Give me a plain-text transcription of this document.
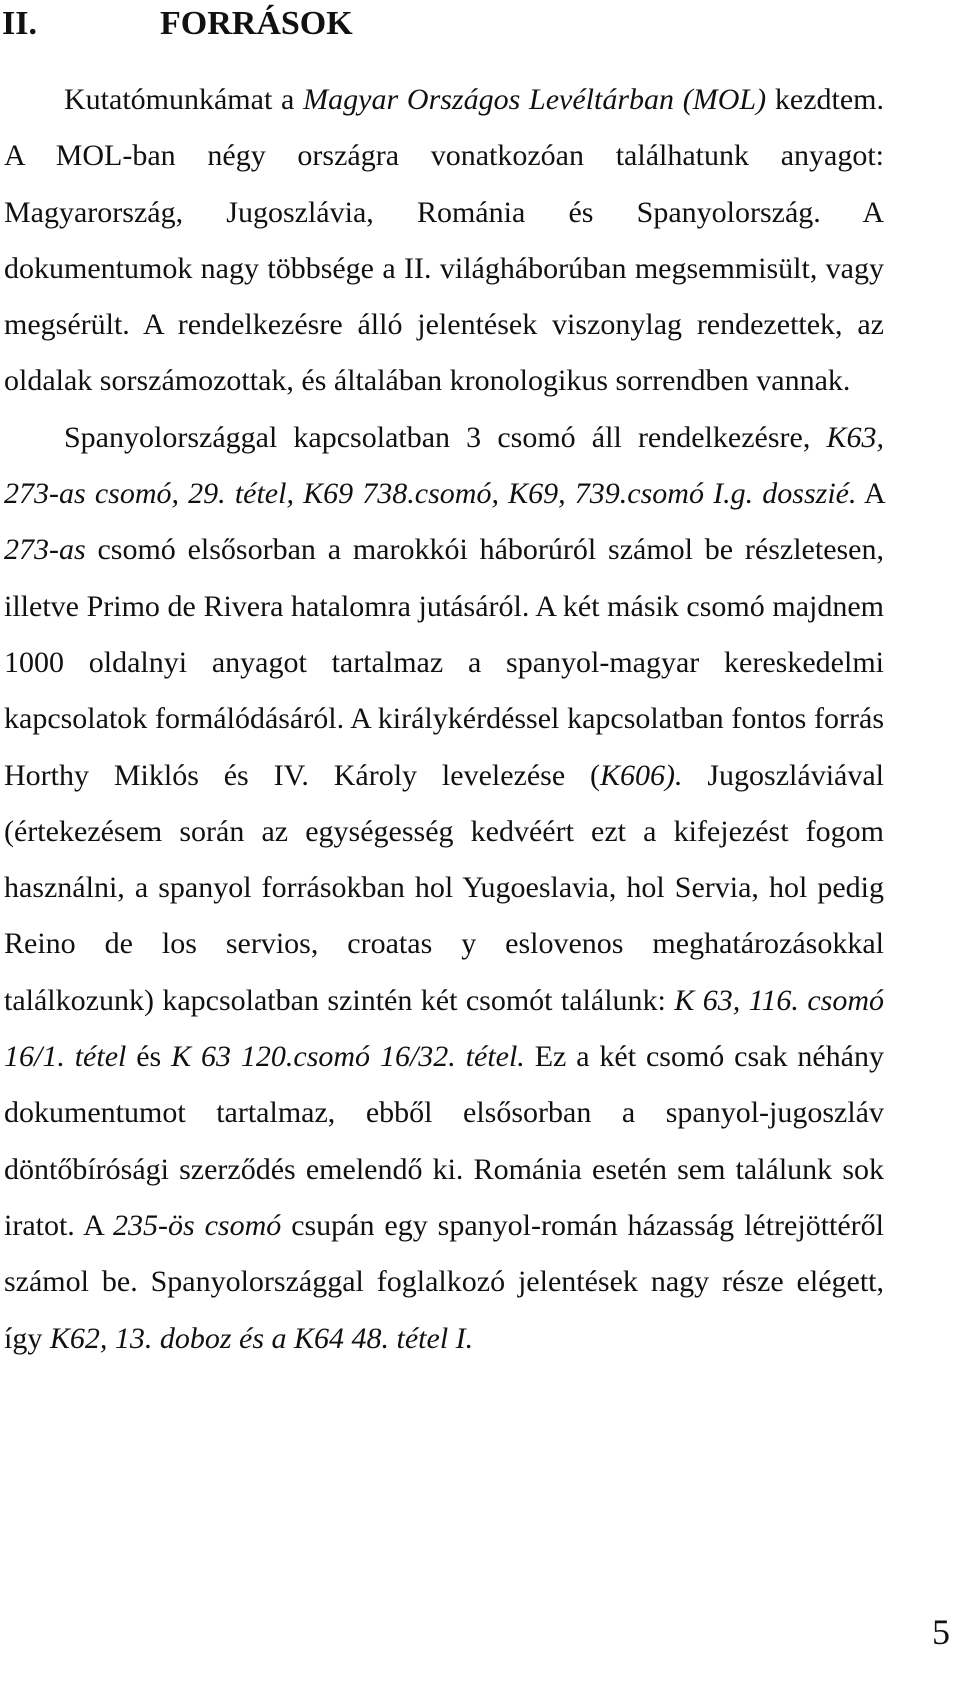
II.	FORRÁSOK

Kutatómunkámat a Magyar Országos Levéltárban (MOL) kezdtem. A MOL-ban négy országra vonatkozóan találhatunk anyagot: Magyarország, Jugoszlávia, Románia és Spanyolország. A dokumentumok nagy többsége a II. világháborúban megsemmisült, vagy megsérült. A rendelkezésre álló jelentések viszonylag rendezettek, az oldalak sorszámozottak, és általában kronologikus sorrendben vannak.

Spanyolországgal kapcsolatban 3 csomó áll rendelkezésre, K63, 273-as csomó, 29. tétel, K69 738.csomó, K69, 739.csomó I.g. dosszié. A 273-as csomó elsősorban a marokkói háborúról számol be részletesen, illetve Primo de Rivera hatalomra jutásáról. A két másik csomó majdnem 1000 oldalnyi anyagot tartalmaz a spanyol-magyar kereskedelmi kapcsolatok formálódásáról. A királykérdéssel kapcsolatban fontos forrás Horthy Miklós és IV. Károly levelezése (K606). Jugoszláviával (értekezésem során az egységesség kedvéért ezt a kifejezést fogom használni, a spanyol forrásokban hol Yugoeslavia, hol Servia, hol pedig Reino de los servios, croatas y eslovenos meghatározásokkal találkozunk) kapcsolatban szintén két csomót találunk: K 63, 116. csomó 16/1. tétel és K 63 120.csomó 16/32. tétel. Ez a két csomó csak néhány dokumentumot tartalmaz, ebből elsősorban a spanyol-jugoszláv döntőbírósági szerződés emelendő ki. Románia esetén sem találunk sok iratot. A 235-ös csomó csupán egy spanyol-román házasság létrejöttéről számol be. Spanyolországgal foglalkozó jelentések nagy része elégett, így K62, 13. doboz és a K64 48. tétel I.

5
